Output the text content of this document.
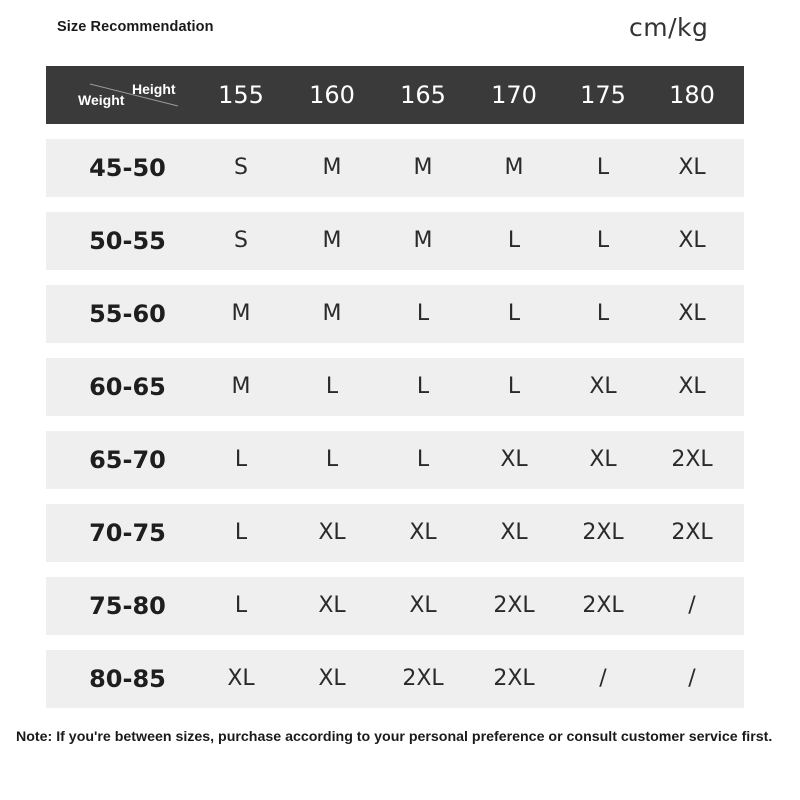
Size Recommendation	cm/kg
Height
Weight	155	160	165	170	175	180
45-50	S	M	M	M	L	XL
50-55	S	M	M	L	L	XL
55-60	M	M	L	L	L	XL
60-65	M	L	L	L	XL	XL
65-70	L	L	L	XL	XL	2XL
70-75	L	XL	XL	XL	2XL	2XL
75-80	L	XL	XL	2XL	2XL	/
80-85	XL	XL	2XL	2XL	/	/
Note: If you're between sizes, purchase according to your personal preference or consult customer service first.
